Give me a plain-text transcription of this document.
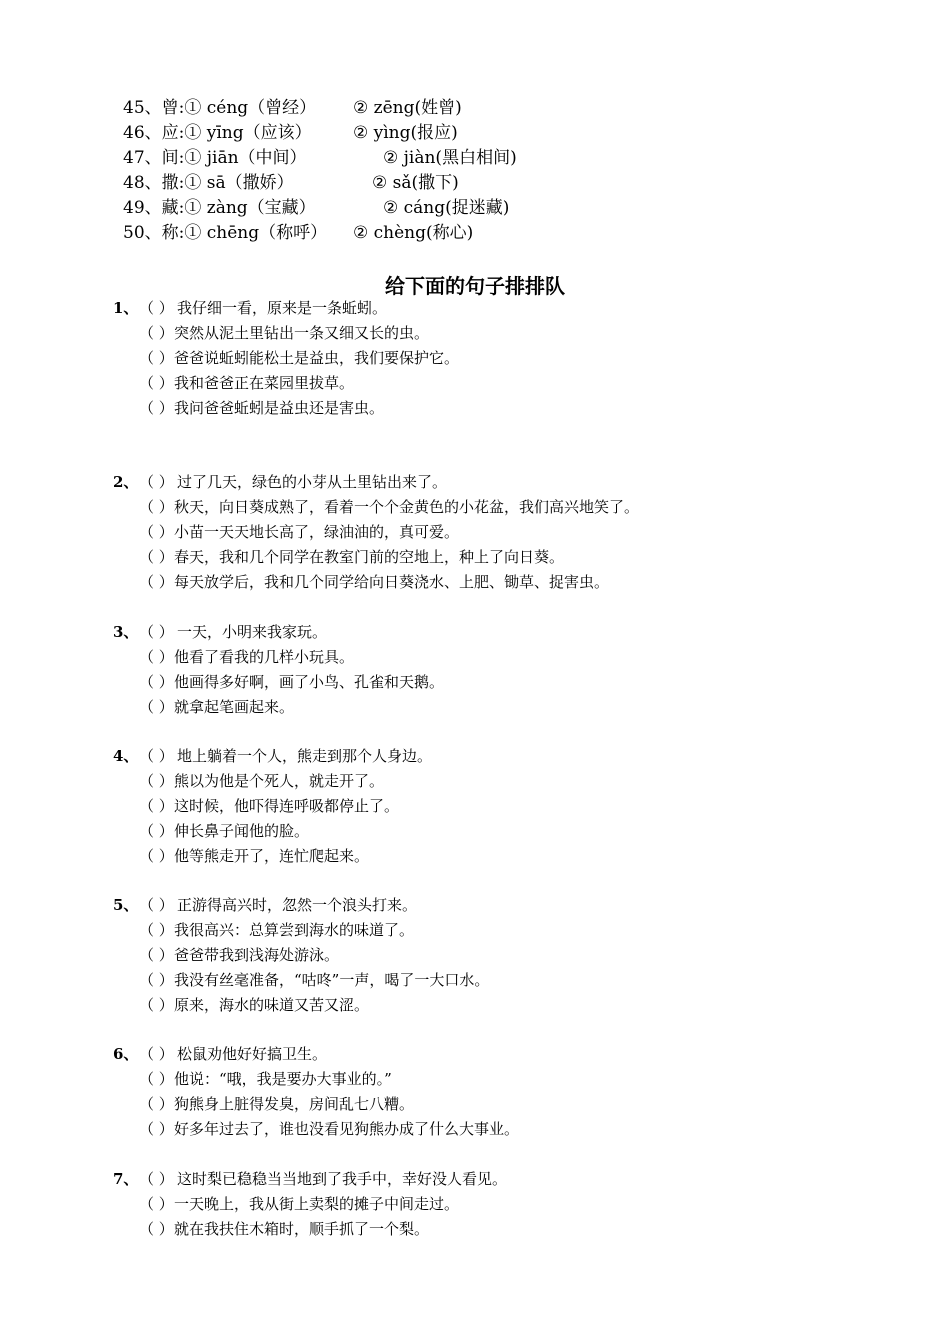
45、曾:① céng（曾经） ② zēng(姓曾)
46、应:① yīng（应该） ② yìng(报应)
47、间:① jiān（中间）	② jiàn(黑白相间)
48、撒:① sā（撒娇）	② sǎ(撒下)
49、藏:① zàng（宝藏）	② cáng(捉迷藏)
50、称:① chēng（称呼） ② chèng(称心)
给下面的句子排排队
1、（ ） 我仔细一看，原来是一条蚯蚓。
（ ）突然从泥土里钻出一条又细又长的虫。
（ ）爸爸说蚯蚓能松土是益虫，我们要保护它。
（ ）我和爸爸正在菜园里拔草。
（ ）我问爸爸蚯蚓是益虫还是害虫。
2、（ ） 过了几天，绿色的小芽从土里钻出来了。
（ ）秋天，向日葵成熟了，看着一个个金黄色的小花盆，我们高兴地笑了。
（ ）小苗一天天地长高了，绿油油的，真可爱。
（ ）春天，我和几个同学在教室门前的空地上，种上了向日葵。
（ ）每天放学后，我和几个同学给向日葵浇水、上肥、锄草、捉害虫。
3、（ ） 一天，小明来我家玩。
（ ）他看了看我的几样小玩具。
（ ）他画得多好啊，画了小鸟、孔雀和天鹅。
（ ）就拿起笔画起来。
4、（ ） 地上躺着一个人，熊走到那个人身边。
（ ）熊以为他是个死人，就走开了。
（ ）这时候，他吓得连呼吸都停止了。
（ ）伸长鼻子闻他的脸。
（ ）他等熊走开了，连忙爬起来。
5、（ ） 正游得高兴时，忽然一个浪头打来。
（ ）我很高兴：总算尝到海水的味道了。
（ ）爸爸带我到浅海处游泳。
（ ）我没有丝毫准备，“咕咚”一声，喝了一大口水。
（ ）原来，海水的味道又苦又涩。
6、（ ） 松鼠劝他好好搞卫生。
（ ）他说：“哦，我是要办大事业的。”
（ ）狗熊身上脏得发臭，房间乱七八糟。
（ ）好多年过去了，谁也没看见狗熊办成了什么大事业。
7、（ ） 这时梨已稳稳当当地到了我手中，幸好没人看见。
（ ）一天晚上，我从街上卖梨的摊子中间走过。
（ ）就在我扶住木箱时，顺手抓了一个梨。
